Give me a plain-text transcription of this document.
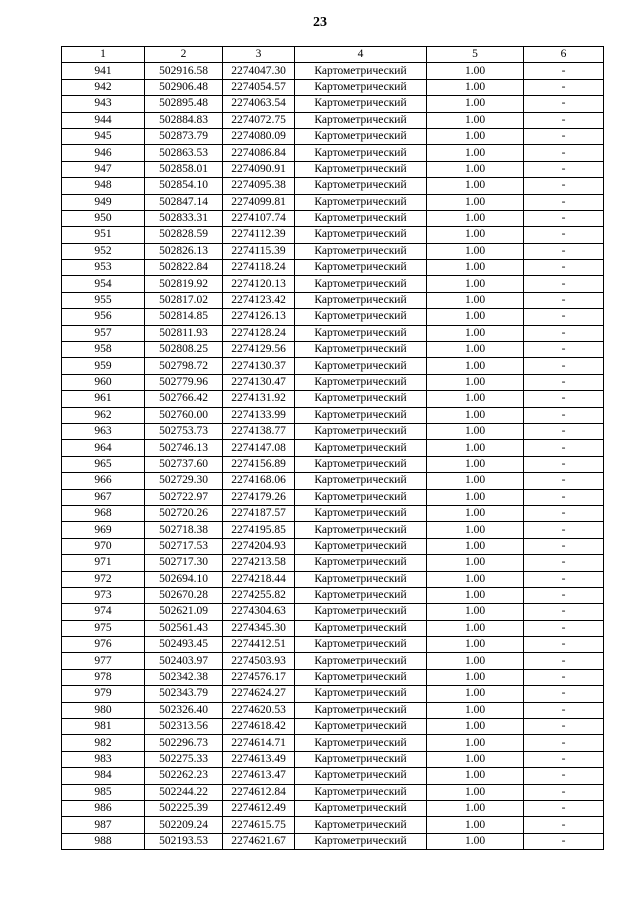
23
1	2	3	4	5	6
941	502916.58	2274047.30	Картометрический	1.00	-
942	502906.48	2274054.57	Картометрический	1.00	-
943	502895.48	2274063.54	Картометрический	1.00	-
944	502884.83	2274072.75	Картометрический	1.00	-
945	502873.79	2274080.09	Картометрический	1.00	-
946	502863.53	2274086.84	Картометрический	1.00	-
947	502858.01	2274090.91	Картометрический	1.00	-
948	502854.10	2274095.38	Картометрический	1.00	-
949	502847.14	2274099.81	Картометрический	1.00	-
950	502833.31	2274107.74	Картометрический	1.00	-
951	502828.59	2274112.39	Картометрический	1.00	-
952	502826.13	2274115.39	Картометрический	1.00	-
953	502822.84	2274118.24	Картометрический	1.00	-
954	502819.92	2274120.13	Картометрический	1.00	-
955	502817.02	2274123.42	Картометрический	1.00	-
956	502814.85	2274126.13	Картометрический	1.00	-
957	502811.93	2274128.24	Картометрический	1.00	-
958	502808.25	2274129.56	Картометрический	1.00	-
959	502798.72	2274130.37	Картометрический	1.00	-
960	502779.96	2274130.47	Картометрический	1.00	-
961	502766.42	2274131.92	Картометрический	1.00	-
962	502760.00	2274133.99	Картометрический	1.00	-
963	502753.73	2274138.77	Картометрический	1.00	-
964	502746.13	2274147.08	Картометрический	1.00	-
965	502737.60	2274156.89	Картометрический	1.00	-
966	502729.30	2274168.06	Картометрический	1.00	-
967	502722.97	2274179.26	Картометрический	1.00	-
968	502720.26	2274187.57	Картометрический	1.00	-
969	502718.38	2274195.85	Картометрический	1.00	-
970	502717.53	2274204.93	Картометрический	1.00	-
971	502717.30	2274213.58	Картометрический	1.00	-
972	502694.10	2274218.44	Картометрический	1.00	-
973	502670.28	2274255.82	Картометрический	1.00	-
974	502621.09	2274304.63	Картометрический	1.00	-
975	502561.43	2274345.30	Картометрический	1.00	-
976	502493.45	2274412.51	Картометрический	1.00	-
977	502403.97	2274503.93	Картометрический	1.00	-
978	502342.38	2274576.17	Картометрический	1.00	-
979	502343.79	2274624.27	Картометрический	1.00	-
980	502326.40	2274620.53	Картометрический	1.00	-
981	502313.56	2274618.42	Картометрический	1.00	-
982	502296.73	2274614.71	Картометрический	1.00	-
983	502275.33	2274613.49	Картометрический	1.00	-
984	502262.23	2274613.47	Картометрический	1.00	-
985	502244.22	2274612.84	Картометрический	1.00	-
986	502225.39	2274612.49	Картометрический	1.00	-
987	502209.24	2274615.75	Картометрический	1.00	-
988	502193.53	2274621.67	Картометрический	1.00	-
